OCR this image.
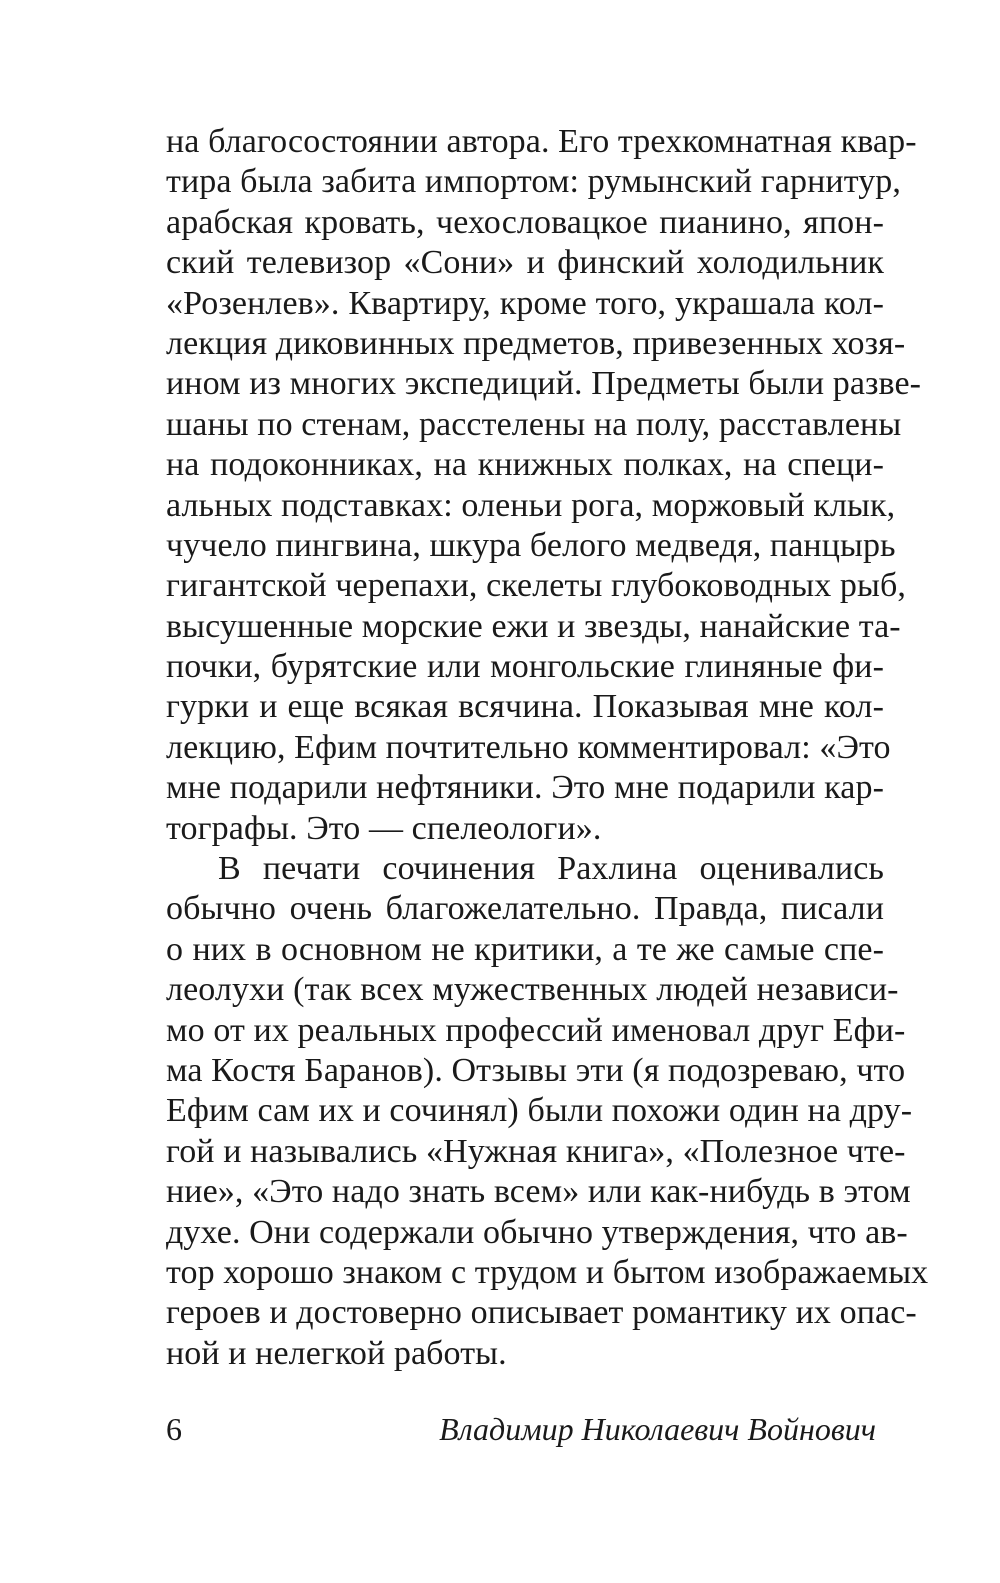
на благосостоянии автора. Его трехкомнатная квар-
тира была забита импортом: румынский гарнитур,
арабская кровать, чехословацкое пианино, япон-
ский телевизор «Сони» и финский холодильник
«Розенлев». Квартиру, кроме того, украшала кол-
лекция диковинных предметов, привезенных хозя-
ином из многих экспедиций. Предметы были разве-
шаны по стенам, расстелены на полу, расставлены
на подоконниках, на книжных полках, на специ-
альных подставках: оленьи рога, моржовый клык,
чучело пингвина, шкура белого медведя, панцырь
гигантской черепахи, скелеты глубоководных рыб,
высушенные морские ежи и звезды, нанайские та-
почки, бурятские или монгольские глиняные фи-
гурки и еще всякая всячина. Показывая мне кол-
лекцию, Ефим почтительно комментировал: «Это
мне подарили нефтяники. Это мне подарили кар-
тографы. Это — спелеологи».
В печати сочинения Рахлина оценивались
обычно очень благожелательно. Правда, писали
о них в основном не критики, а те же самые спе-
леолухи (так всех мужественных людей независи-
мо от их реальных профессий именовал друг Ефи-
ма Костя Баранов). Отзывы эти (я подозреваю, что
Ефим сам их и сочинял) были похожи один на дру-
гой и назывались «Нужная книга», «Полезное чте-
ние», «Это надо знать всем» или как-нибудь в этом
духе. Они содержали обычно утверждения, что ав-
тор хорошо знаком с трудом и бытом изображаемых
героев и достоверно описывает романтику их опас-
ной и нелегкой работы.
6	Владимир Николаевич Войнович
